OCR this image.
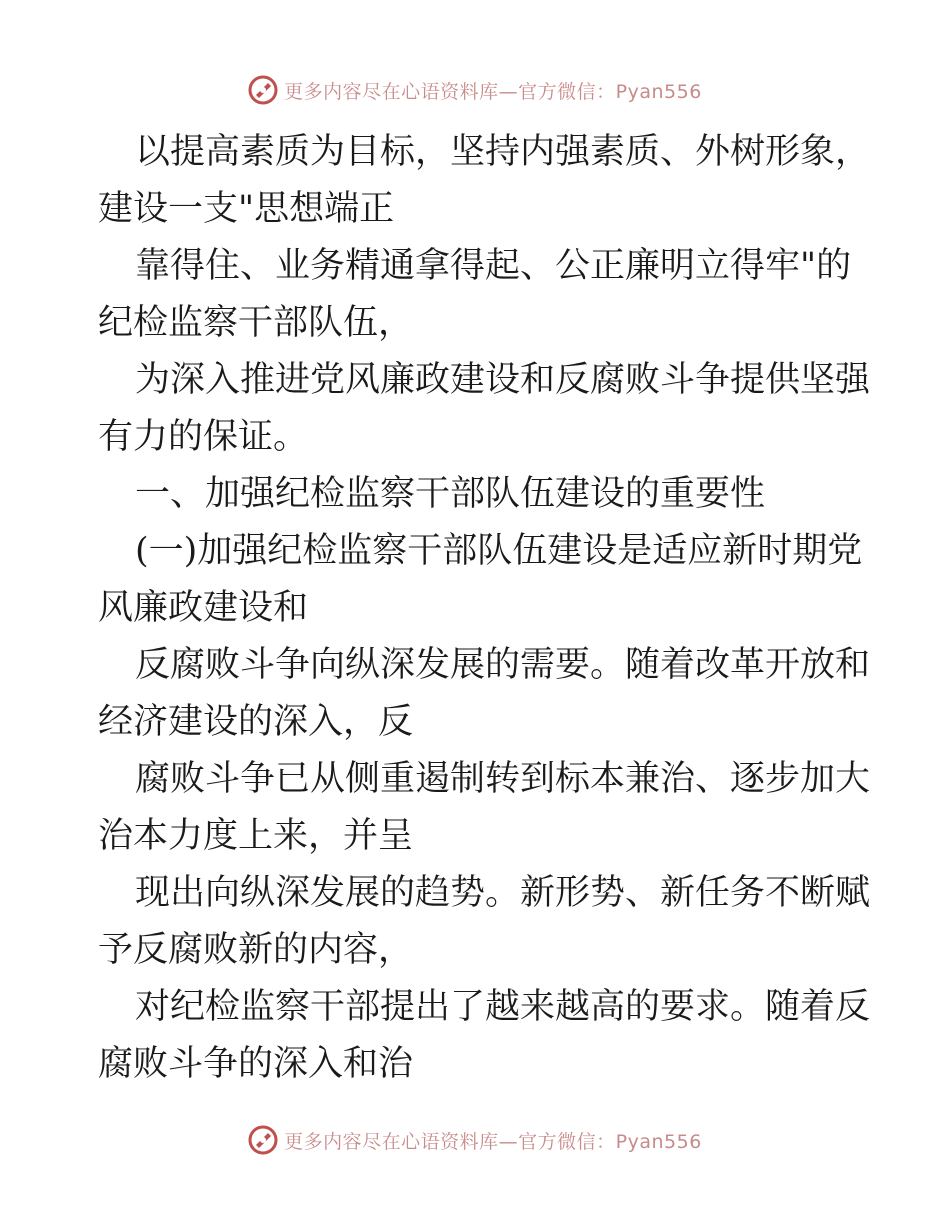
更多内容尽在心语资料库—官方微信：Pyan556
以提高素质为目标，坚持内强素质、外树形象，
建设一支"思想端正
靠得住、业务精通拿得起、公正廉明立得牢"的
纪检监察干部队伍，
为深入推进党风廉政建设和反腐败斗争提供坚强
有力的保证。
一、加强纪检监察干部队伍建设的重要性
(一)加强纪检监察干部队伍建设是适应新时期党
风廉政建设和
反腐败斗争向纵深发展的需要。随着改革开放和
经济建设的深入，反
腐败斗争已从侧重遏制转到标本兼治、逐步加大
治本力度上来，并呈
现出向纵深发展的趋势。新形势、新任务不断赋
予反腐败新的内容，
对纪检监察干部提出了越来越高的要求。随着反
腐败斗争的深入和治
更多内容尽在心语资料库—官方微信：Pyan556
